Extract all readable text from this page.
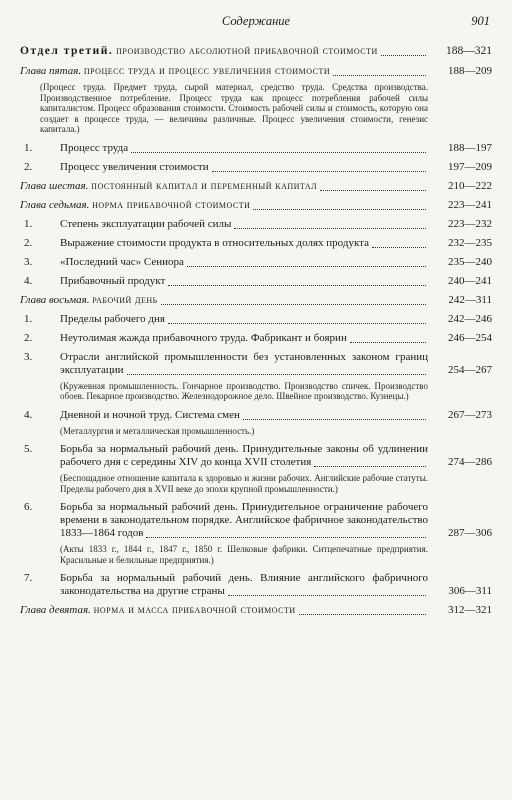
Содержание	901
Отдел третий. производство абсолютной прибавочной стоимости	188—321
Глава пятая. процесс труда и процесс увеличения стоимости	188—209
(Процесс труда. Предмет труда, сырой материал, средство труда. Средства производства. Производственное потребление. Процесс труда как процесс потребления рабочей силы капиталистом. Процесс образования стоимости. Стоимость рабочей силы и стоимость, которую она создает в процессе труда, — величины различные. Процесс увеличения стоимости, генезис капитала.)
1.	Процесс труда	188—197
2.	Процесс увеличения стоимости	197—209
Глава шестая. постоянный капитал и переменный капитал	210—222
Глава седьмая. норма прибавочной стоимости	223—241
1.	Степень эксплуатации рабочей силы	223—232
2.	Выражение стоимости продукта в относительных долях продукта	232—235
3.	«Последний час» Сениора	235—240
4.	Прибавочный продукт	240—241
Глава восьмая. рабочий день	242—311
1.	Пределы рабочего дня	242—246
2.	Неутолимая жажда прибавочного труда. Фабрикант и боярин	246—254
3.	Отрасли английской промышленности без установленных законом границ эксплуатации	254—267
(Кружевная промышленность. Гончарное производство. Производство спичек. Производство обоев. Пекарное производство. Железнодорожное дело. Швейное производство. Кузнецы.)
4.	Дневной и ночной труд. Система смен	267—273
(Металлургия и металлическая промышленность.)
5.	Борьба за нормальный рабочий день. Принудительные законы об удлинении рабочего дня с середины XIV до конца XVII столетия	274—286
(Беспощадное отношение капитала к здоровью и жизни рабочих. Английские рабочие статуты. Пределы рабочего дня в XVII веке до эпохи крупной промышленности.)
6.	Борьба за нормальный рабочий день. Принудительное ограничение рабочего времени в законодательном порядке. Английское фабричное законодательство 1833—1864 годов	287—306
(Акты 1833 г., 1844 г., 1847 г., 1850 г. Шелковые фабрики. Ситцепечатные предприятия. Красильные и белильные предприятия.)
7.	Борьба за нормальный рабочий день. Влияние английского фабричного законодательства на другие страны	306—311
Глава девятая. норма и масса прибавочной стоимости	312—321
